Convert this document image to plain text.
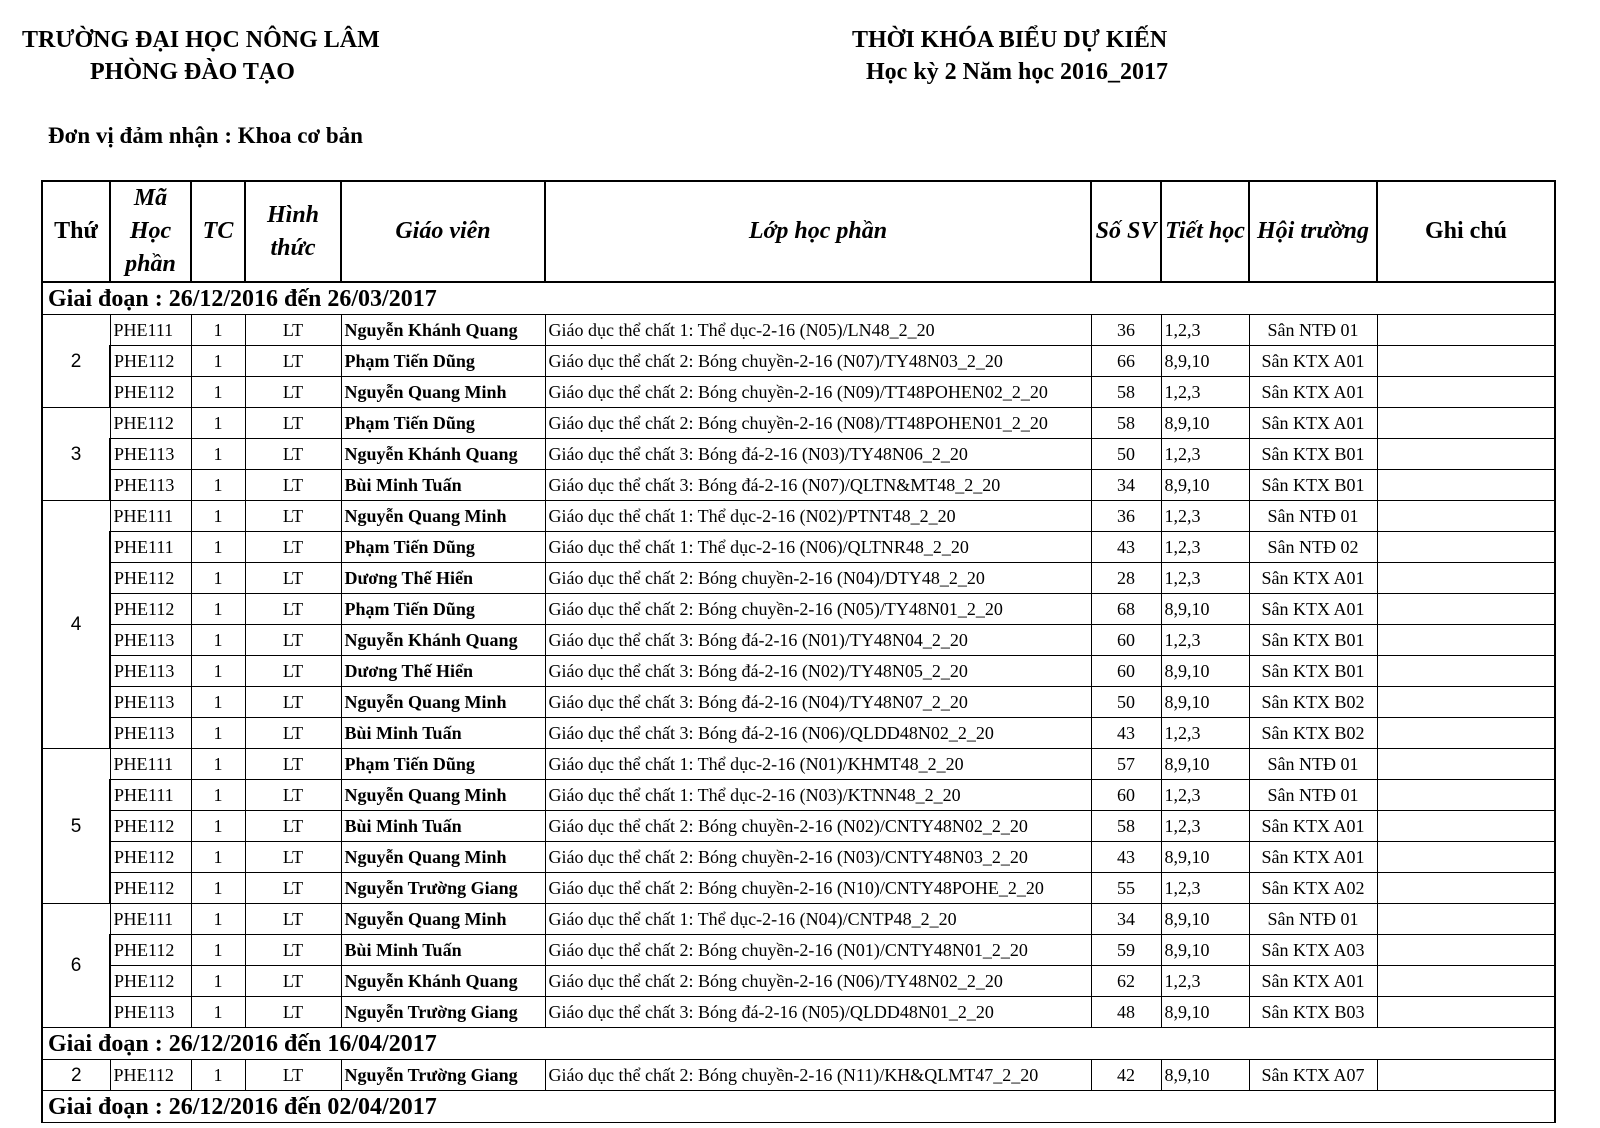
TRƯỜNG ĐẠI HỌC NÔNG LÂM
PHÒNG ĐÀO TẠO
THỜI KHÓA BIỂU DỰ KIẾN
Học kỳ 2 Năm học 2016_2017
Đơn vị đảm nhận : Khoa cơ bản
Thứ	Mã Học phần	TC	Hình thức	Giáo viên	Lớp học phần	Số SV	Tiết học	Hội trường	Ghi chú
Giai đoạn : 26/12/2016 đến 26/03/2017									
2	PHE111	1	LT	Nguyễn Khánh Quang	Giáo dục thể chất 1: Thể dục-2-16 (N05)/LN48_2_20	36	1,2,3	Sân NTĐ 01	
	PHE112	1	LT	Phạm Tiến Dũng	Giáo dục thể chất 2: Bóng chuyền-2-16 (N07)/TY48N03_2_20	66	8,9,10	Sân KTX A01	
	PHE112	1	LT	Nguyễn Quang Minh	Giáo dục thể chất 2: Bóng chuyền-2-16 (N09)/TT48POHEN02_2_20	58	1,2,3	Sân KTX A01	
3	PHE112	1	LT	Phạm Tiến Dũng	Giáo dục thể chất 2: Bóng chuyền-2-16 (N08)/TT48POHEN01_2_20	58	8,9,10	Sân KTX A01	
	PHE113	1	LT	Nguyễn Khánh Quang	Giáo dục thể chất 3: Bóng đá-2-16 (N03)/TY48N06_2_20	50	1,2,3	Sân KTX B01	
	PHE113	1	LT	Bùi Minh Tuấn	Giáo dục thể chất 3: Bóng đá-2-16 (N07)/QLTN&MT48_2_20	34	8,9,10	Sân KTX B01	
4	PHE111	1	LT	Nguyễn Quang Minh	Giáo dục thể chất 1: Thể dục-2-16 (N02)/PTNT48_2_20	36	1,2,3	Sân NTĐ 01	
	PHE111	1	LT	Phạm Tiến Dũng	Giáo dục thể chất 1: Thể dục-2-16 (N06)/QLTNR48_2_20	43	1,2,3	Sân NTĐ 02	
	PHE112	1	LT	Dương Thế Hiển	Giáo dục thể chất 2: Bóng chuyền-2-16 (N04)/DTY48_2_20	28	1,2,3	Sân KTX A01	
	PHE112	1	LT	Phạm Tiến Dũng	Giáo dục thể chất 2: Bóng chuyền-2-16 (N05)/TY48N01_2_20	68	8,9,10	Sân KTX A01	
	PHE113	1	LT	Nguyễn Khánh Quang	Giáo dục thể chất 3: Bóng đá-2-16 (N01)/TY48N04_2_20	60	1,2,3	Sân KTX B01	
	PHE113	1	LT	Dương Thế Hiển	Giáo dục thể chất 3: Bóng đá-2-16 (N02)/TY48N05_2_20	60	8,9,10	Sân KTX B01	
	PHE113	1	LT	Nguyễn Quang Minh	Giáo dục thể chất 3: Bóng đá-2-16 (N04)/TY48N07_2_20	50	8,9,10	Sân KTX B02	
	PHE113	1	LT	Bùi Minh Tuấn	Giáo dục thể chất 3: Bóng đá-2-16 (N06)/QLDD48N02_2_20	43	1,2,3	Sân KTX B02	
5	PHE111	1	LT	Phạm Tiến Dũng	Giáo dục thể chất 1: Thể dục-2-16 (N01)/KHMT48_2_20	57	8,9,10	Sân NTĐ 01	
	PHE111	1	LT	Nguyễn Quang Minh	Giáo dục thể chất 1: Thể dục-2-16 (N03)/KTNN48_2_20	60	1,2,3	Sân NTĐ 01	
	PHE112	1	LT	Bùi Minh Tuấn	Giáo dục thể chất 2: Bóng chuyền-2-16 (N02)/CNTY48N02_2_20	58	1,2,3	Sân KTX A01	
	PHE112	1	LT	Nguyễn Quang Minh	Giáo dục thể chất 2: Bóng chuyền-2-16 (N03)/CNTY48N03_2_20	43	8,9,10	Sân KTX A01	
	PHE112	1	LT	Nguyễn Trường Giang	Giáo dục thể chất 2: Bóng chuyền-2-16 (N10)/CNTY48POHE_2_20	55	1,2,3	Sân KTX A02	
6	PHE111	1	LT	Nguyễn Quang Minh	Giáo dục thể chất 1: Thể dục-2-16 (N04)/CNTP48_2_20	34	8,9,10	Sân NTĐ 01	
	PHE112	1	LT	Bùi Minh Tuấn	Giáo dục thể chất 2: Bóng chuyền-2-16 (N01)/CNTY48N01_2_20	59	8,9,10	Sân KTX A03	
	PHE112	1	LT	Nguyễn Khánh Quang	Giáo dục thể chất 2: Bóng chuyền-2-16 (N06)/TY48N02_2_20	62	1,2,3	Sân KTX A01	
	PHE113	1	LT	Nguyễn Trường Giang	Giáo dục thể chất 3: Bóng đá-2-16 (N05)/QLDD48N01_2_20	48	8,9,10	Sân KTX B03	
Giai đoạn : 26/12/2016 đến 16/04/2017									
2	PHE112	1	LT	Nguyễn Trường Giang	Giáo dục thể chất 2: Bóng chuyền-2-16 (N11)/KH&QLMT47_2_20	42	8,9,10	Sân KTX A07	
Giai đoạn : 26/12/2016 đến 02/04/2017									
